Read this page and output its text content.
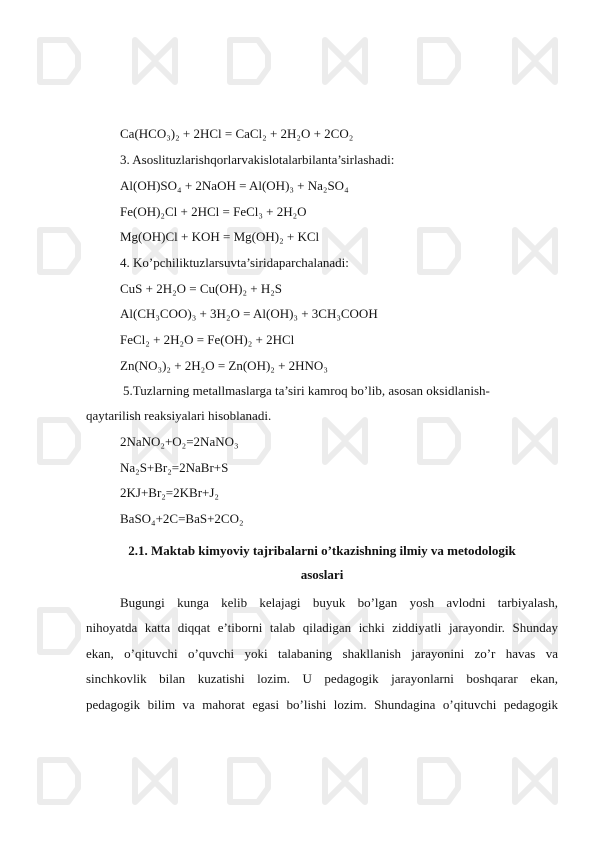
Ca(HCO₃)₂ + 2HCl = CaCl₂ + 2H₂O + 2CO₂
3. Asoslituzlarishqorlarvakislotalarbilanta’sirlashadi:
Al(OH)SO₄ + 2NaOH = Al(OH)₃ + Na₂SO₄
Fe(OH)₂Cl + 2HCl = FeCl₃ + 2H₂O
Mg(OH)Cl + KOH = Mg(OH)₂ + KCl
4. Ko’pchiliktuzlarsuvta’siridaparchalanadi:
CuS + 2H₂O = Cu(OH)₂ + H₂S
Al(CH₃COO)₃ + 3H₂O = Al(OH)₃ + 3CH₃COOH
FeCl₂ + 2H₂O = Fe(OH)₂ + 2HCl
Zn(NO₃)₂ + 2H₂O = Zn(OH)₂ + 2HNO₃
5.Tuzlarning metallmaslarga ta’siri kamroq bo’lib, asosan oksidlanish-
qaytarilish reaksiyalari hisoblanadi.
2NaNO₂+O₂=2NaNO₃
Na₂S+Br₂=2NaBr+S
2KJ+Br₂=2KBr+J₂
BaSO₄+2C=BaS+2CO₂
2.1. Maktab kimyoviy tajribalarni o’tkazishning ilmiy va metodologik
asoslari
Bugungi kunga kelib kelajagi buyuk bo’lgan yosh avlodni tarbiyalash,
nihoyatda katta diqqat e’tiborni talab qiladigan ichki ziddiyatli jarayondir. Shunday
ekan, o’qituvchi o’quvchi yoki talabaning shakllanish jarayonini zo’r havas va
sinchkovlik bilan kuzatishi lozim. U pedagogik jarayonlarni boshqarar ekan,
pedagogik bilim va mahorat egasi bo’lishi lozim. Shundagina o’qituvchi pedagogik
